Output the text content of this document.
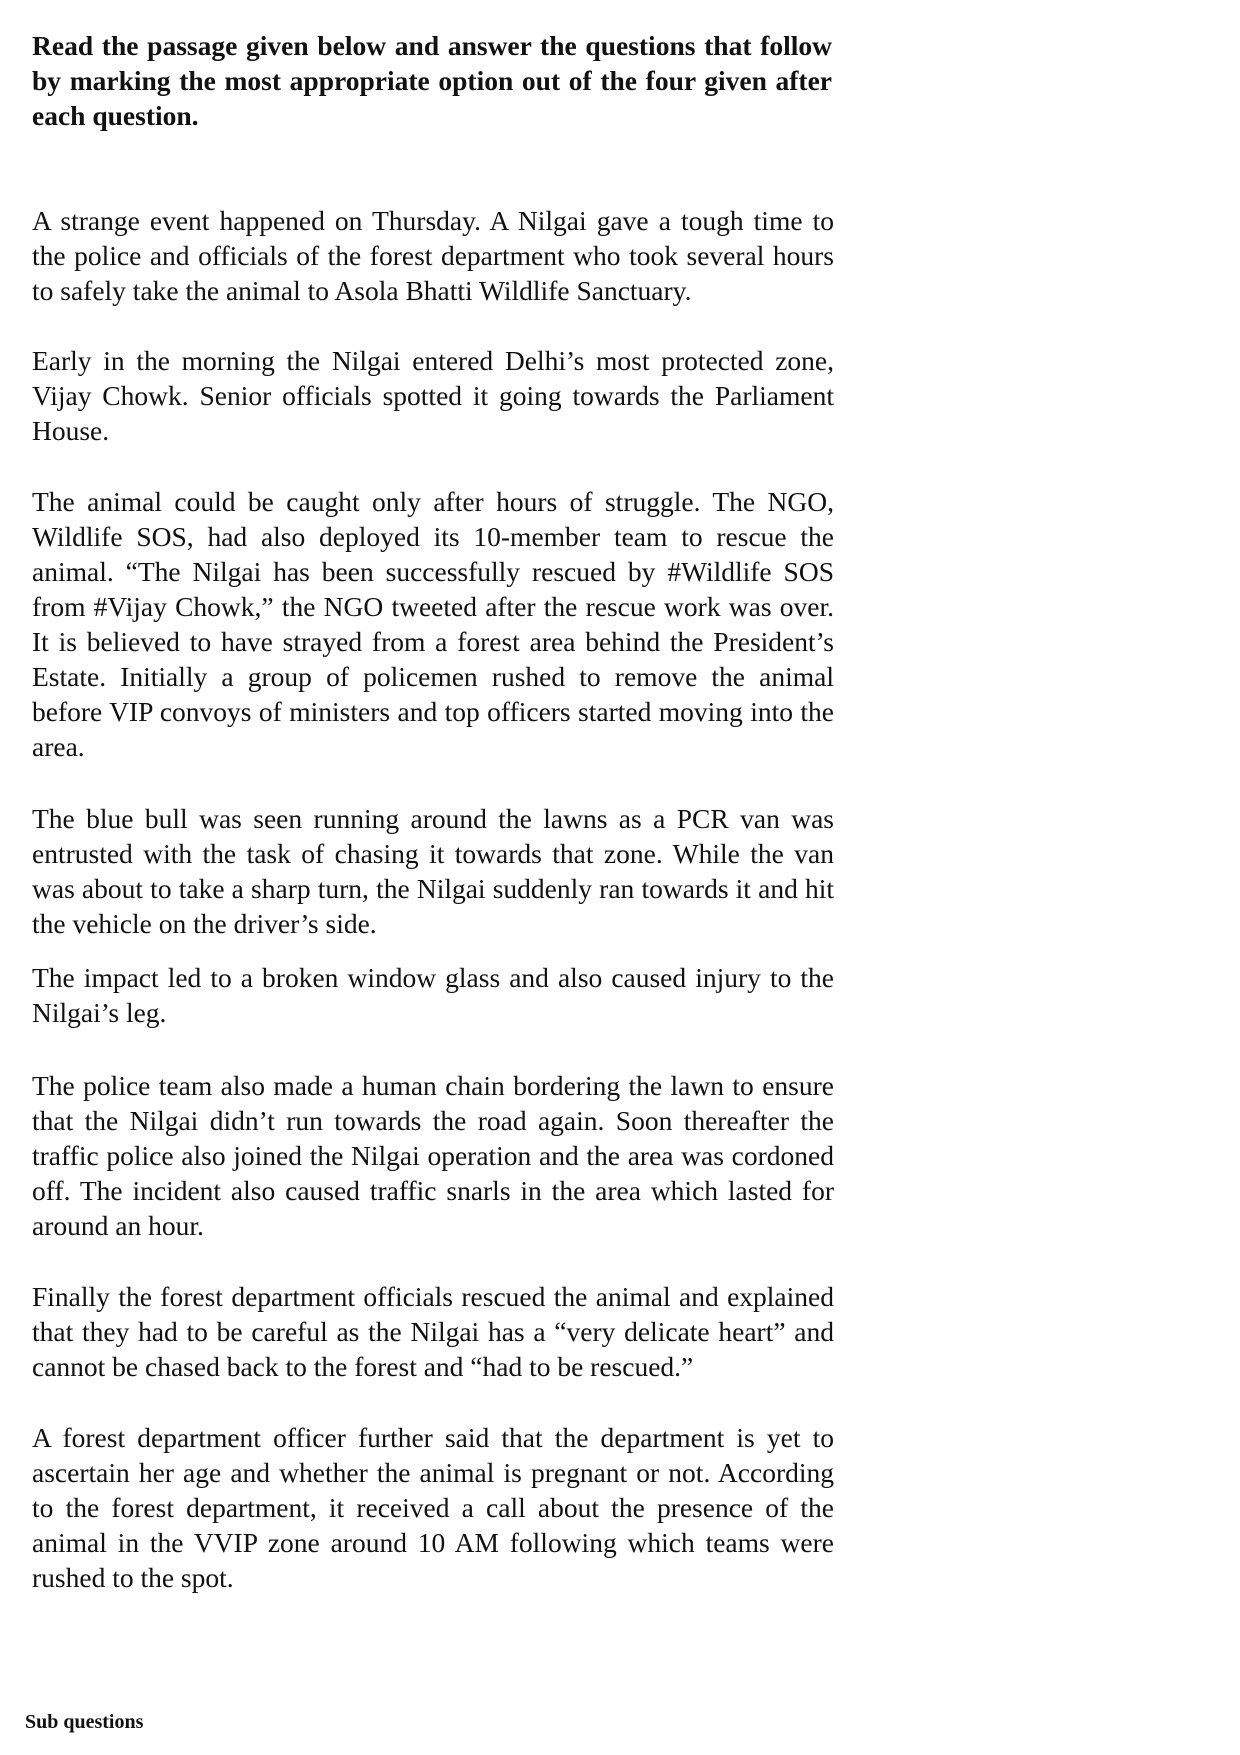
Read the passage given below and answer the questions that follow by marking the most appropriate option out of the four given after each question.

A strange event happened on Thursday. A Nilgai gave a tough time to the police and officials of the forest department who took several hours to safely take the animal to Asola Bhatti Wildlife Sanctuary.

Early in the morning the Nilgai entered Delhi’s most protected zone, Vijay Chowk. Senior officials spotted it going towards the Parliament House.

The animal could be caught only after hours of struggle. The NGO, Wildlife SOS, had also deployed its 10-member team to rescue the animal. “The Nilgai has been successfully rescued by #Wildlife SOS from #Vijay Chowk,” the NGO tweeted after the rescue work was over. It is believed to have strayed from a forest area behind the President’s Estate. Initially a group of policemen rushed to remove the animal before VIP convoys of ministers and top officers started moving into the area.

The blue bull was seen running around the lawns as a PCR van was entrusted with the task of chasing it towards that zone. While the van was about to take a sharp turn, the Nilgai suddenly ran towards it and hit the vehicle on the driver’s side.

The impact led to a broken window glass and also caused injury to the Nilgai’s leg.

The police team also made a human chain bordering the lawn to ensure that the Nilgai didn’t run towards the road again. Soon thereafter the traffic police also joined the Nilgai operation and the area was cordoned off. The incident also caused traffic snarls in the area which lasted for around an hour.

Finally the forest department officials rescued the animal and explained that they had to be careful as the Nilgai has a “very delicate heart” and cannot be chased back to the forest and “had to be rescued.”

A forest department officer further said that the department is yet to ascertain her age and whether the animal is pregnant or not. According to the forest department, it received a call about the presence of the animal in the VVIP zone around 10 AM following which teams were rushed to the spot.

Sub questions
